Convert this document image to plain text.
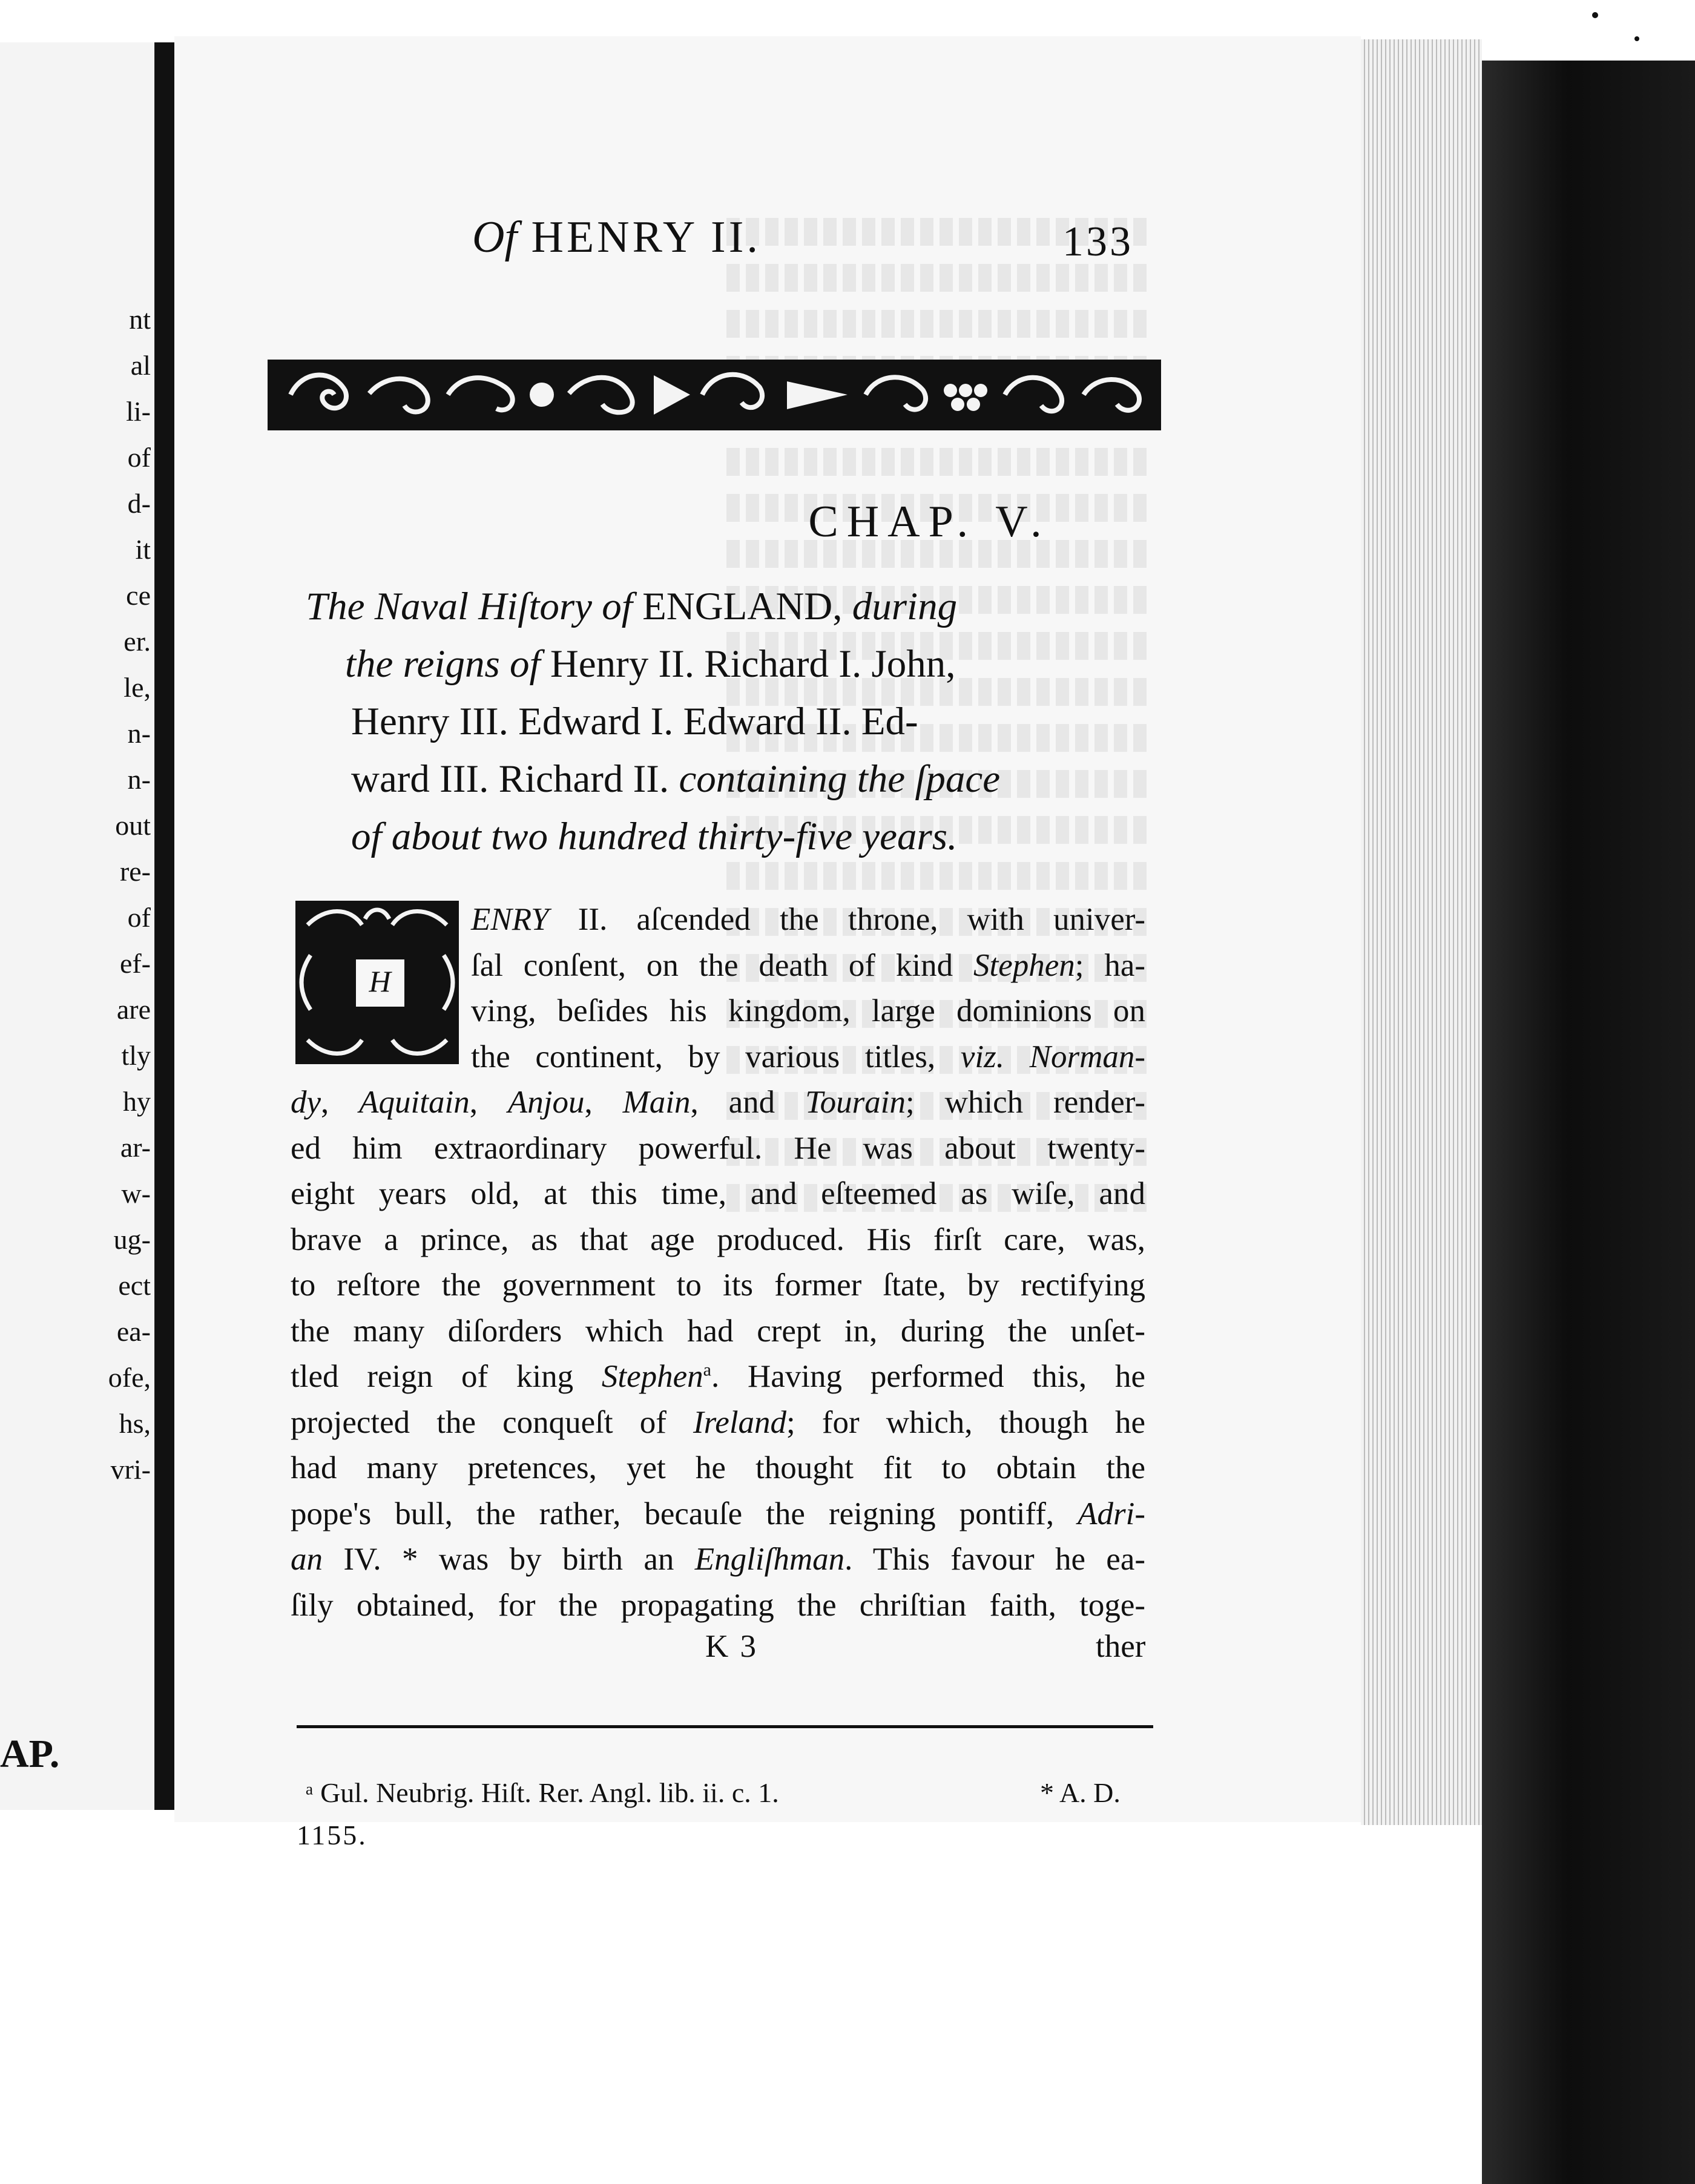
nt
al
li-
of
d-
it
ce
er.
le,
n-
n-
out
re-
of
ef-
are
tly
hy
ar-
w-
ug-
ect
ea-
ofe,
hs,
vri-
AP.
Of HENRY II.	133
CHAP. V.
The Naval Hiſtory of ENGLAND, during
the reigns of Henry II. Richard I. John,
Henry III. Edward I. Edward II. Ed-
ward III. Richard II. containing the ſpace
of about two hundred thirty-five years.
H
ENRY II. aſcended the throne, with univer-
ſal conſent, on the death of kind Stephen; ha-
ving, beſides his kingdom, large dominions on
the continent, by various titles, viz. Norman-
dy, Aquitain, Anjou, Main, and Tourain; which render-
ed him extraordinary powerful. He was about twenty-
eight years old, at this time, and eſteemed as wiſe, and
brave a prince, as that age produced. His firſt care, was,
to reſtore the government to its former ſtate, by rectifying
the many diſorders which had crept in, during the unſet-
tled reign of king Stephen$^a$. Having performed this, he
projected the conqueſt of Ireland; for which, though he
had many pretences, yet he thought fit to obtain the
pope's bull, the rather, becauſe the reigning pontiff, Adri-
an IV. * was by birth an Engliſhman. This favour he ea-
ſily obtained, for the propagating the chriſtian faith, toge-
K 3	ther
ᵃ Gul. Neubrig. Hiſt. Rer. Angl. lib. ii. c. 1.	* A. D.
1155.
